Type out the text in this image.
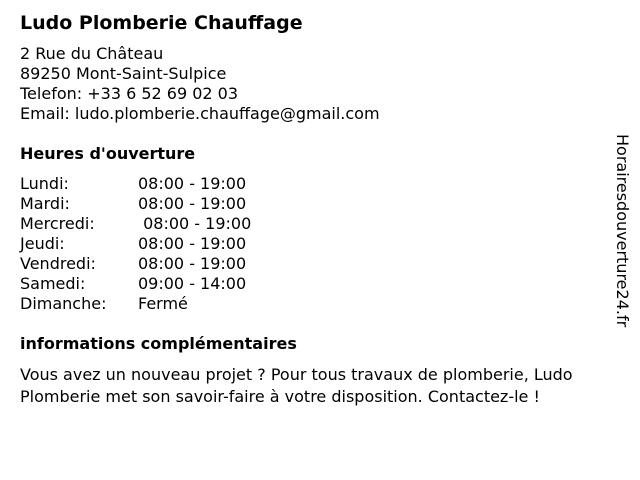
Ludo Plomberie Chauffage

2 Rue du Château

89250 Mont-Saint-Sulpice

Telefon: +33 6 52 69 02 03

Email: ludo.plomberie.chauffage@gmail.com

Heures d'ouverture
Lundi:	08:00 - 19:00
Mardi:	08:00 - 19:00
Mercredi:	08:00 - 19:00
Jeudi:	08:00 - 19:00
Vendredi:	08:00 - 19:00
Samedi:	09:00 - 14:00
Dimanche:	Fermé
informations complémentaires

Vous avez un nouveau projet ? Pour tous travaux de plomberie, Ludo
Plomberie met son savoir-faire à votre disposition. Contactez-le !

Horairesdouverture24.fr
